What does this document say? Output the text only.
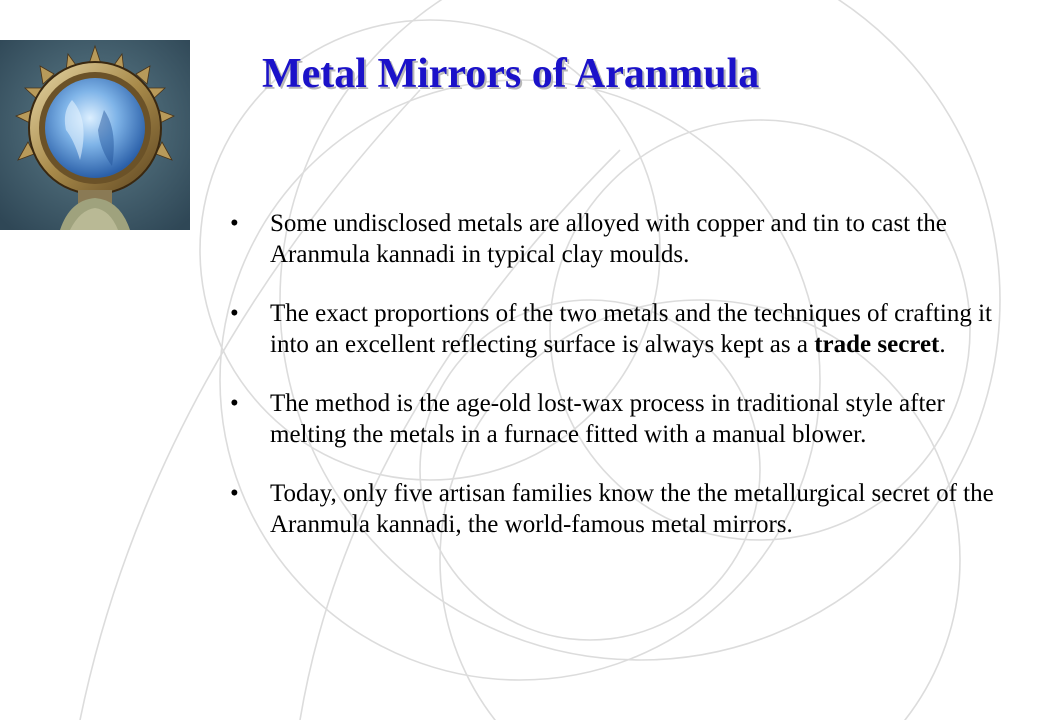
Metal Mirrors of Aranmula
• Some undisclosed metals are alloyed with copper and tin to cast the Aranmula kannadi in typical clay moulds.
• The exact proportions of the two metals and the techniques of crafting it into an excellent reflecting surface is always kept as a trade secret.
• The method is the age-old lost-wax process in traditional style after melting the metals in a furnace fitted with a manual blower.
• Today, only five artisan families know the the metallurgical secret of the Aranmula kannadi, the world-famous metal mirrors.
